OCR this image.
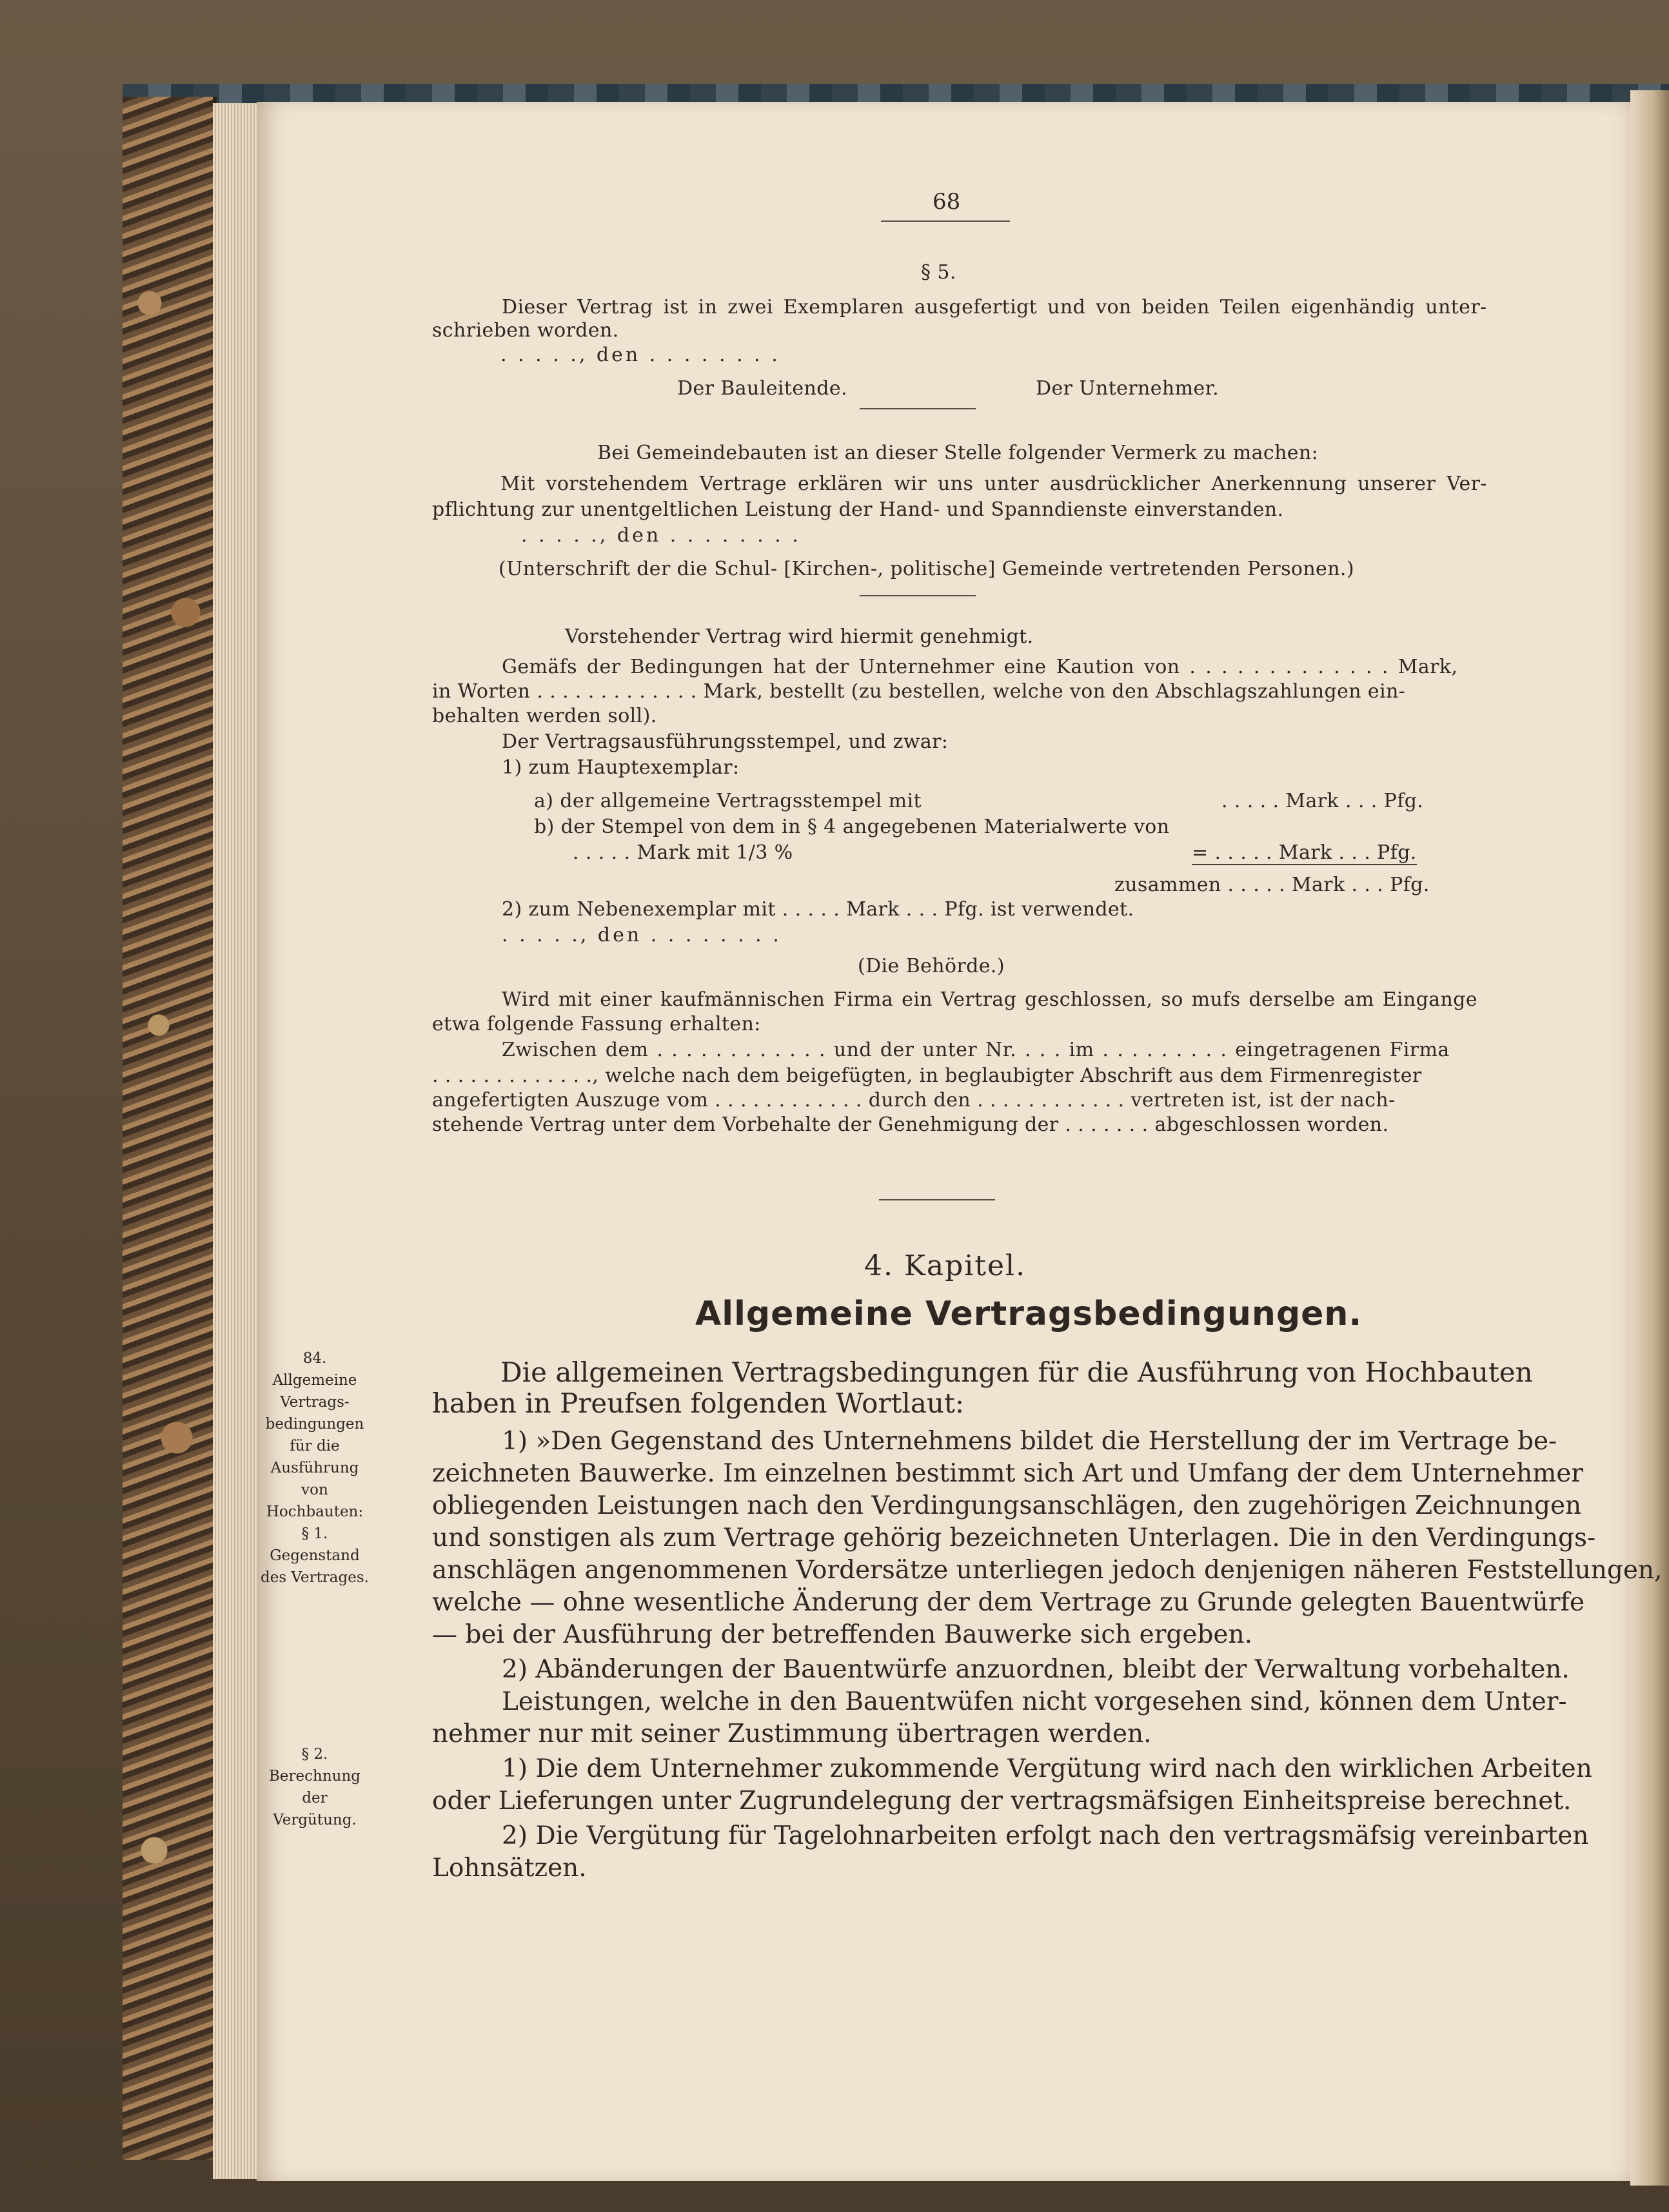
68
§ 5.
Dieser Vertrag ist in zwei Exemplaren ausgefertigt und von beiden Teilen eigenhändig unter-
schrieben worden.
. . . . ., den . . . . . . . .
Der Bauleitende.	Der Unternehmer.
Bei Gemeindebauten ist an dieser Stelle folgender Vermerk zu machen:
Mit vorstehendem Vertrage erklären wir uns unter ausdrücklicher Anerkennung unserer Ver-
pflichtung zur unentgeltlichen Leistung der Hand- und Spanndienste einverstanden.
. . . . ., den . . . . . . . .
(Unterschrift der die Schul- [Kirchen-, politische] Gemeinde vertretenden Personen.)
Vorstehender Vertrag wird hiermit genehmigt.
Gemäfs der Bedingungen hat der Unternehmer eine Kaution von . . . . . . . . . . . . . Mark,
in Worten . . . . . . . . . . . . . Mark, bestellt (zu bestellen, welche von den Abschlagszahlungen ein-
behalten werden soll).
Der Vertragsausführungsstempel, und zwar:
1) zum Hauptexemplar:
a) der allgemeine Vertragsstempel mit	. . . . . Mark . . . Pfg.
b) der Stempel von dem in § 4 angegebenen Materialwerte von
. . . . . Mark mit 1/3 %	= . . . . . Mark . . . Pfg.
zusammen . . . . . Mark . . . Pfg.
2) zum Nebenexemplar mit . . . . . Mark . . . Pfg. ist verwendet.
. . . . ., den . . . . . . . .
(Die Behörde.)
Wird mit einer kaufmännischen Firma ein Vertrag geschlossen, so mufs derselbe am Eingange
etwa folgende Fassung erhalten:
Zwischen dem . . . . . . . . . . . . und der unter Nr. . . . im . . . . . . . . . eingetragenen Firma
. . . . . . . . . . . . ., welche nach dem beigefügten, in beglaubigter Abschrift aus dem Firmenregister
angefertigten Auszuge vom . . . . . . . . . . . . durch den . . . . . . . . . . . . vertreten ist, ist der nach-
stehende Vertrag unter dem Vorbehalte der Genehmigung der . . . . . . . abgeschlossen worden.
4. Kapitel.
Allgemeine Vertragsbedingungen.
84.
Allgemeine
Vertrags-
bedingungen
für die
Ausführung
von
Hochbauten:
§ 1.
Gegenstand
des Vertrages.
§ 2.
Berechnung
der
Vergütung.
Die allgemeinen Vertragsbedingungen für die Ausführung von Hochbauten
haben in Preufsen folgenden Wortlaut:
1) »Den Gegenstand des Unternehmens bildet die Herstellung der im Vertrage be-
zeichneten Bauwerke. Im einzelnen bestimmt sich Art und Umfang der dem Unternehmer
obliegenden Leistungen nach den Verdingungsanschlägen, den zugehörigen Zeichnungen
und sonstigen als zum Vertrage gehörig bezeichneten Unterlagen. Die in den Verdingungs-
anschlägen angenommenen Vordersätze unterliegen jedoch denjenigen näheren Feststellungen,
welche — ohne wesentliche Änderung der dem Vertrage zu Grunde gelegten Bauentwürfe
— bei der Ausführung der betreffenden Bauwerke sich ergeben.
2) Abänderungen der Bauentwürfe anzuordnen, bleibt der Verwaltung vorbehalten.
Leistungen, welche in den Bauentwüfen nicht vorgesehen sind, können dem Unter-
nehmer nur mit seiner Zustimmung übertragen werden.
1) Die dem Unternehmer zukommende Vergütung wird nach den wirklichen Arbeiten
oder Lieferungen unter Zugrundelegung der vertragsmäfsigen Einheitspreise berechnet.
2) Die Vergütung für Tagelohnarbeiten erfolgt nach den vertragsmäfsig vereinbarten
Lohnsätzen.
